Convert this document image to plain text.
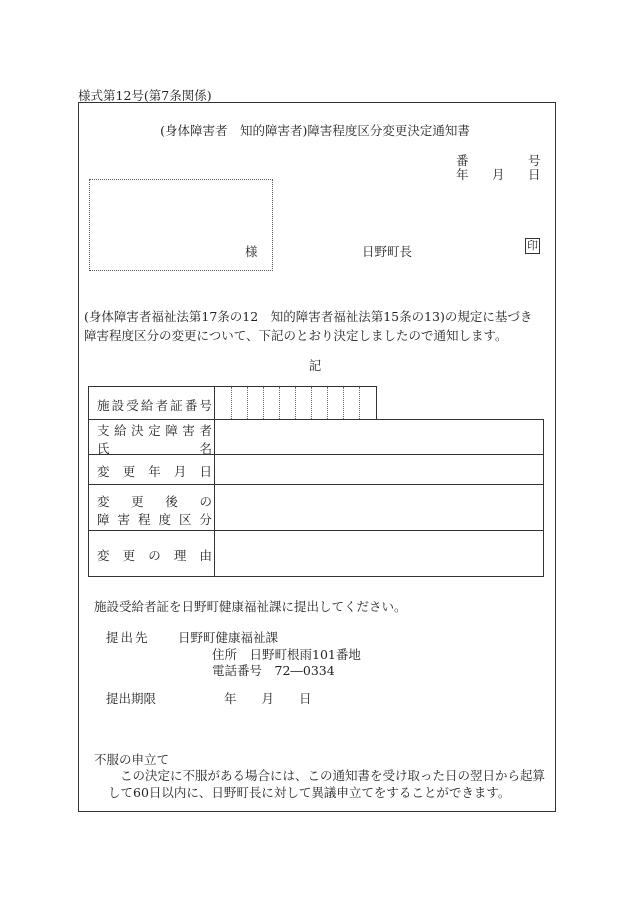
様式第12号(第7条関係)
(身体障害者　知的障害者)障害程度区分変更決定通知書
番	号
年 月 日
様	日野町長	印
(身体障害者福祉法第17条の12　知的障害者福祉法第15条の13)の規定に基づき障害程度区分の変更について、下記のとおり決定しましたので通知します。
記
施 設 受 給 者 証 番 号
支 給 決 定 障 害 者
氏	名
変 更 年 月 日
変 更 後 の
障 害 程 度 区 分
変 更 の 理 由
施設受給者証を日野町健康福祉課に提出してください。
提出先 日野町健康福祉課
住所　日野町根雨101番地
電話番号　72―0334
提出期限	年　　月　　日
不服の申立て
この決定に不服がある場合には、この通知書を受け取った日の翌日から起算して60日以内に、日野町長に対して異議申立てをすることができます。
